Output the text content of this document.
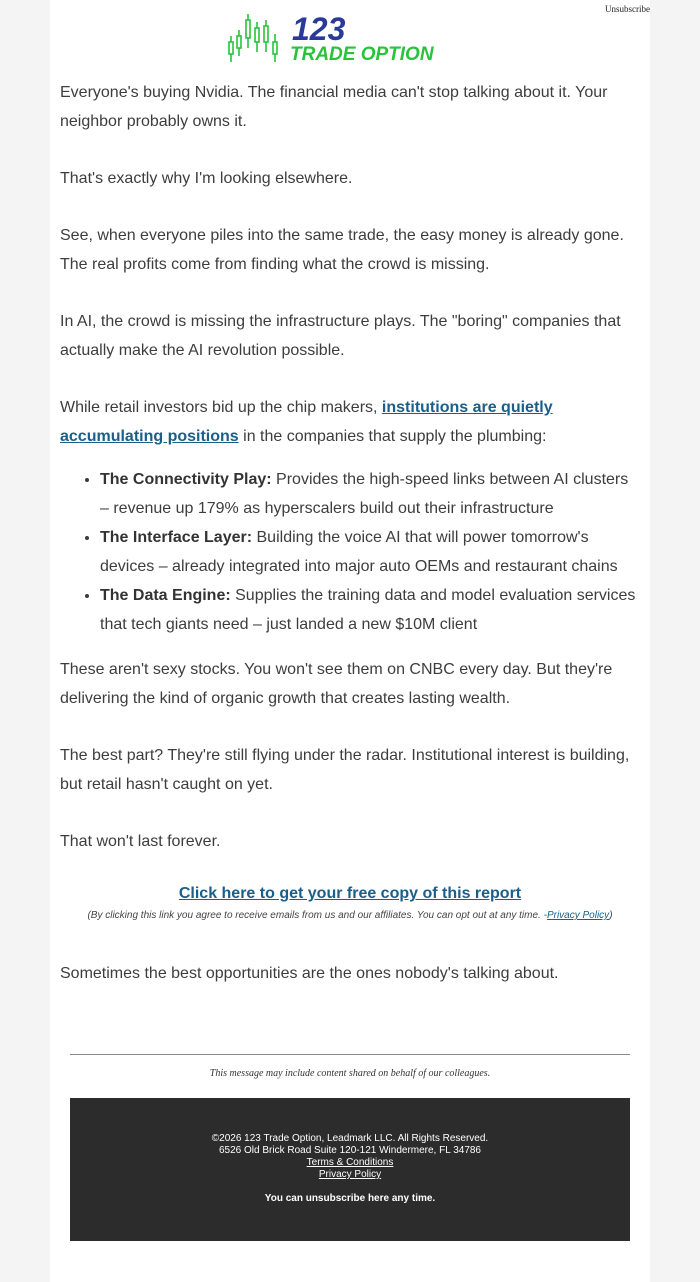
Unsubscribe
123
TRADE OPTION

Everyone's buying Nvidia. The financial media can't stop talking about it. Your neighbor probably owns it.

That's exactly why I'm looking elsewhere.

See, when everyone piles into the same trade, the easy money is already gone. The real profits come from finding what the crowd is missing.

In AI, the crowd is missing the infrastructure plays. The "boring" companies that actually make the AI revolution possible.

While retail investors bid up the chip makers, institutions are quietly accumulating positions in the companies that supply the plumbing:

• The Connectivity Play: Provides the high-speed links between AI clusters – revenue up 179% as hyperscalers build out their infrastructure
• The Interface Layer: Building the voice AI that will power tomorrow's devices – already integrated into major auto OEMs and restaurant chains
• The Data Engine: Supplies the training data and model evaluation services that tech giants need – just landed a new $10M client

These aren't sexy stocks. You won't see them on CNBC every day. But they're delivering the kind of organic growth that creates lasting wealth.

The best part? They're still flying under the radar. Institutional interest is building, but retail hasn't caught on yet.

That won't last forever.

Click here to get your free copy of this report
(By clicking this link you agree to receive emails from us and our affiliates. You can opt out at any time. -Privacy Policy)

Sometimes the best opportunities are the ones nobody's talking about.

This message may include content shared on behalf of our colleagues.
©2026 123 Trade Option, Leadmark LLC. All Rights Reserved.
6526 Old Brick Road Suite 120-121 Windermere, FL 34786
Terms & Conditions
Privacy Policy
You can unsubscribe here any time.
